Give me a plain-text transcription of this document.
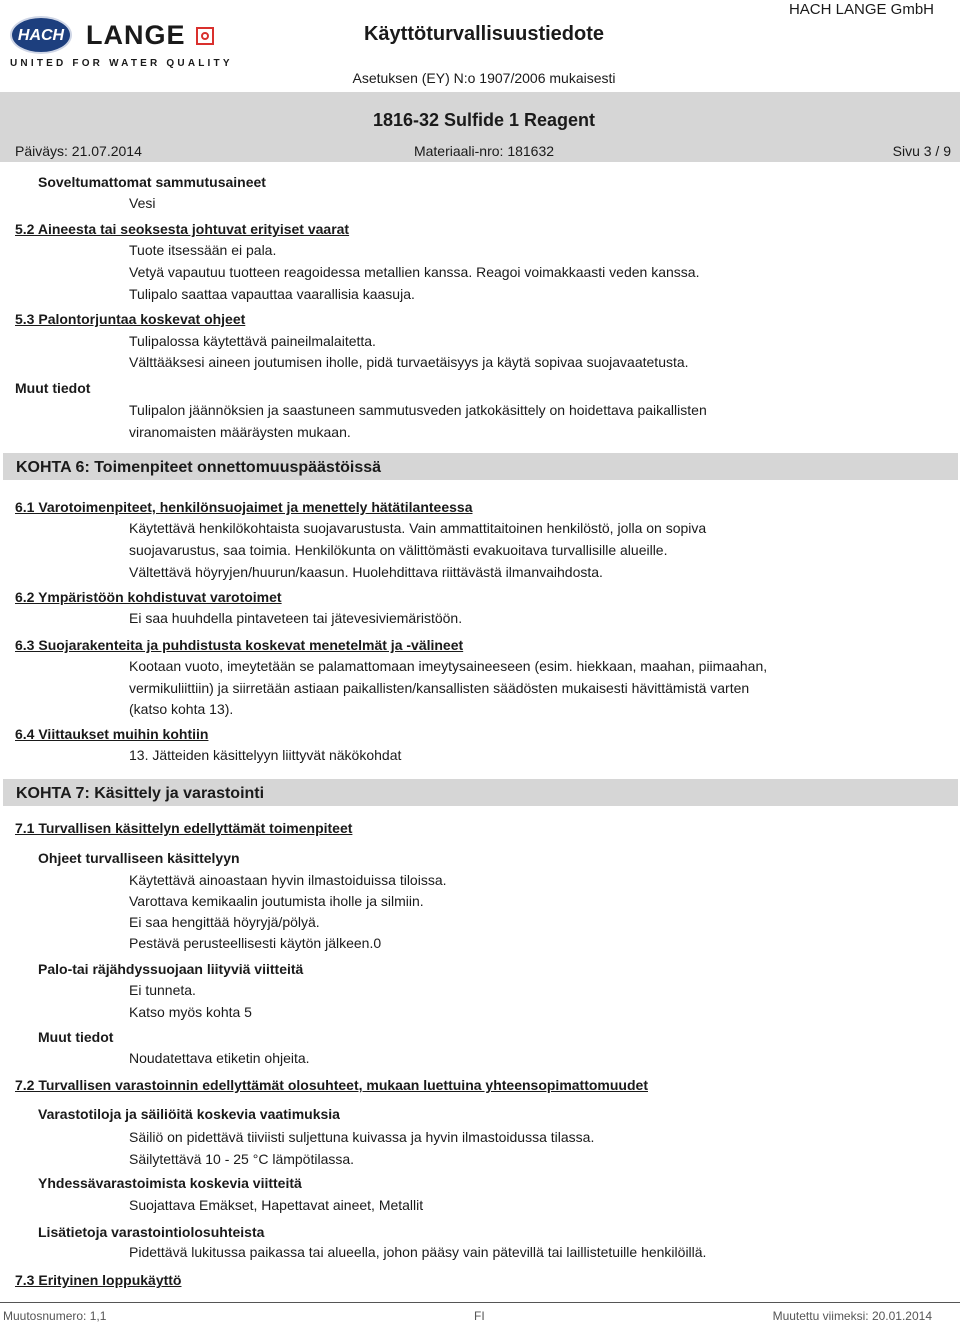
HACH LANGE
UNITED FOR WATER QUALITY
Käyttöturvallisuustiedote
HACH LANGE GmbH
Asetuksen (EY) N:o 1907/2006 mukaisesti
1816-32 Sulfide 1 Reagent
Päiväys: 21.07.2014	Materiaali-nro: 181632	Sivu 3 / 9
Soveltumattomat sammutusaineet
Vesi
5.2 Aineesta tai seoksesta johtuvat erityiset vaarat
Tuote itsessään ei pala.
Vetyä vapautuu tuotteen reagoidessa metallien kanssa. Reagoi voimakkaasti veden kanssa.
Tulipalo saattaa vapauttaa vaarallisia kaasuja.
5.3 Palontorjuntaa koskevat ohjeet
Tulipalossa käytettävä paineilmalaitetta.
Välttääksesi aineen joutumisen iholle, pidä turvaetäisyys ja käytä sopivaa suojavaatetusta.
Muut tiedot
Tulipalon jäännöksien ja saastuneen sammutusveden jatkokäsittely on hoidettava paikallisten
viranomaisten määräysten mukaan.
KOHTA 6: Toimenpiteet onnettomuuspäästöissä
6.1 Varotoimenpiteet, henkilönsuojaimet ja menettely hätätilanteessa
Käytettävä henkilökohtaista suojavarustusta. Vain ammattitaitoinen henkilöstö, jolla on sopiva
suojavarustus, saa toimia. Henkilökunta on välittömästi evakuoitava turvallisille alueille.
Vältettävä höyryjen/huurun/kaasun. Huolehdittava riittävästä ilmanvaihdosta.
6.2 Ympäristöön kohdistuvat varotoimet
Ei saa huuhdella pintaveteen tai jätevesiviemäristöön.
6.3 Suojarakenteita ja puhdistusta koskevat menetelmät ja -välineet
Kootaan vuoto, imeytetään se palamattomaan imeytysaineeseen (esim. hiekkaan, maahan, piimaahan,
vermikuliittiin) ja siirretään astiaan paikallisten/kansallisten säädösten mukaisesti hävittämistä varten
(katso kohta 13).
6.4 Viittaukset muihin kohtiin
13. Jätteiden käsittelyyn liittyvät näkökohdat
KOHTA 7: Käsittely ja varastointi
7.1 Turvallisen käsittelyn edellyttämät toimenpiteet
Ohjeet turvalliseen käsittelyyn
Käytettävä ainoastaan hyvin ilmastoiduissa tiloissa.
Varottava kemikaalin joutumista iholle ja silmiin.
Ei saa hengittää höyryjä/pölyä.
Pestävä perusteellisesti käytön jälkeen.0
Palo-tai räjähdyssuojaan liityviä viitteitä
Ei tunneta.
Katso myös kohta 5
Muut tiedot
Noudatettava etiketin ohjeita.
7.2 Turvallisen varastoinnin edellyttämät olosuhteet, mukaan luettuina yhteensopimattomuudet
Varastotiloja ja säiliöitä koskevia vaatimuksia
Säiliö on pidettävä tiiviisti suljettuna kuivassa ja hyvin ilmastoidussa tilassa.
Säilytettävä 10 - 25 °C lämpötilassa.
Yhdessävarastoimista koskevia viitteitä
Suojattava Emäkset, Hapettavat aineet, Metallit
Lisätietoja varastointiolosuhteista
Pidettävä lukitussa paikassa tai alueella, johon pääsy vain pätevillä tai laillistetuille henkilöillä.
7.3 Erityinen loppukäyttö
Muutosnumero: 1,1	FI	Muutettu viimeksi: 20.01.2014
